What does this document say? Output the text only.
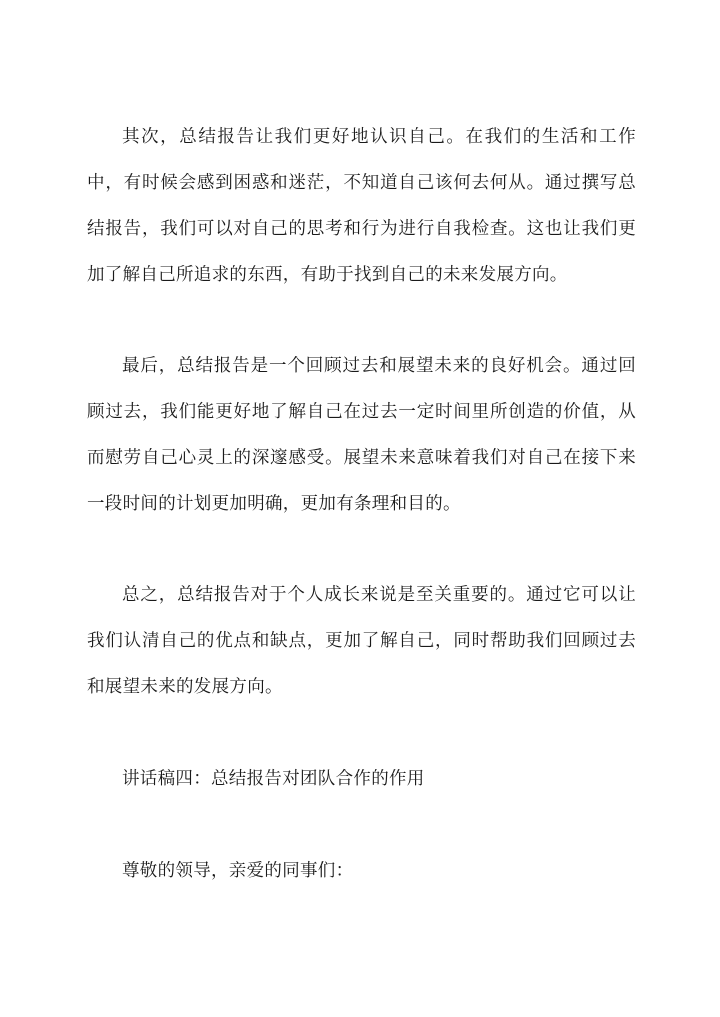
其次，总结报告让我们更好地认识自己。在我们的生活和工作中，有时候会感到困惑和迷茫，不知道自己该何去何从。通过撰写总结报告，我们可以对自己的思考和行为进行自我检查。这也让我们更加了解自己所追求的东西，有助于找到自己的未来发展方向。

最后，总结报告是一个回顾过去和展望未来的良好机会。通过回顾过去，我们能更好地了解自己在过去一定时间里所创造的价值，从而慰劳自己心灵上的深邃感受。展望未来意味着我们对自己在接下来一段时间的计划更加明确，更加有条理和目的。

总之，总结报告对于个人成长来说是至关重要的。通过它可以让我们认清自己的优点和缺点，更加了解自己，同时帮助我们回顾过去和展望未来的发展方向。

讲话稿四：总结报告对团队合作的作用

尊敬的领导，亲爱的同事们：
